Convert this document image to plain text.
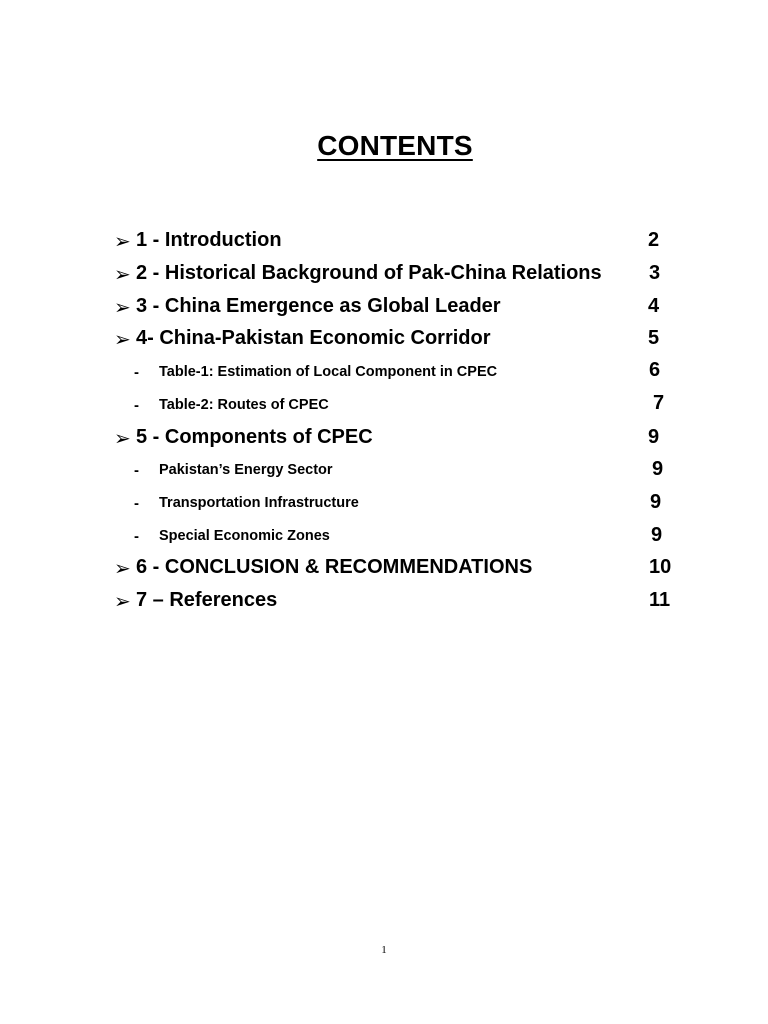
CONTENTS
➢ 1 - Introduction	2
➢ 2 - Historical Background of Pak-China Relations 3
➢ 3 - China Emergence as Global Leader	4
➢ 4- China-Pakistan Economic Corridor	5
- Table-1: Estimation of Local Component in CPEC	6
- Table-2: Routes of CPEC	7
➢ 5 - Components of CPEC	9
- Pakistan’s Energy Sector	9
- Transportation Infrastructure	9
- Special Economic Zones	9
➢ 6 - CONCLUSION & RECOMMENDATIONS	10
➢ 7 – References	11
1
